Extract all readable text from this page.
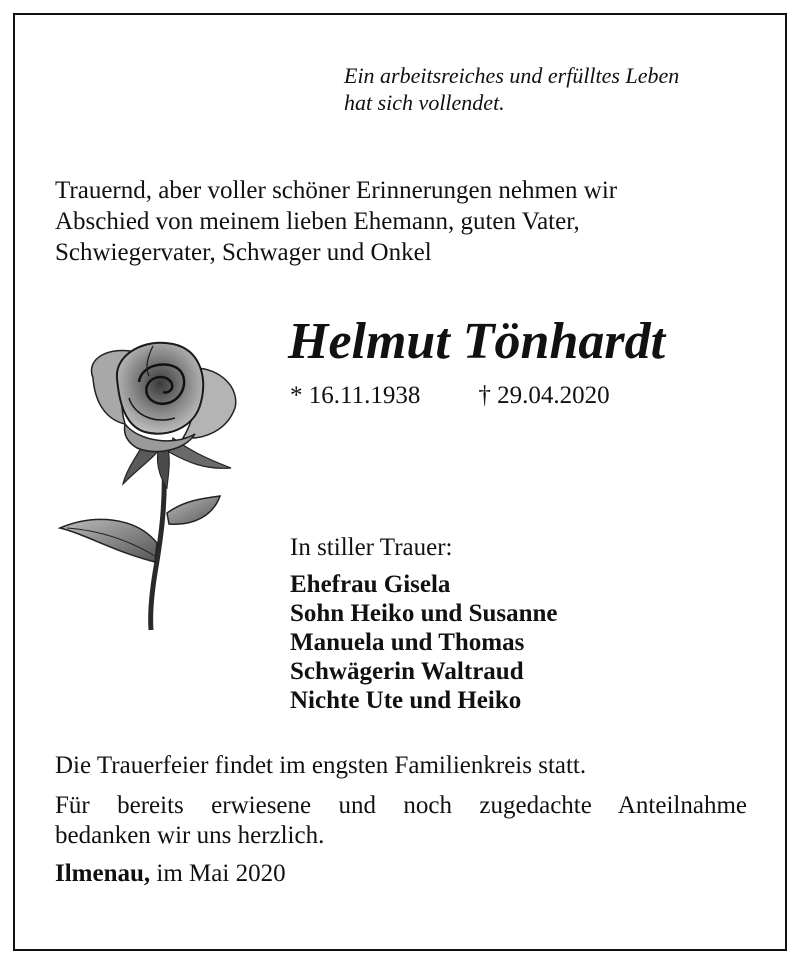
Ein arbeitsreiches und erfülltes Leben
hat sich vollendet.
Trauernd, aber voller schöner Erinnerungen nehmen wir
Abschied von meinem lieben Ehemann, guten Vater,
Schwiegervater, Schwager und Onkel
Helmut Tönhardt
* 16.11.1938 † 29.04.2020
In stiller Trauer:
Ehefrau Gisela
Sohn Heiko und Susanne
Manuela und Thomas
Schwägerin Waltraud
Nichte Ute und Heiko
Die Trauerfeier findet im engsten Familienkreis statt.
Für bereits erwiesene und noch zugedachte Anteilnahme
bedanken wir uns herzlich.
Ilmenau, im Mai 2020
